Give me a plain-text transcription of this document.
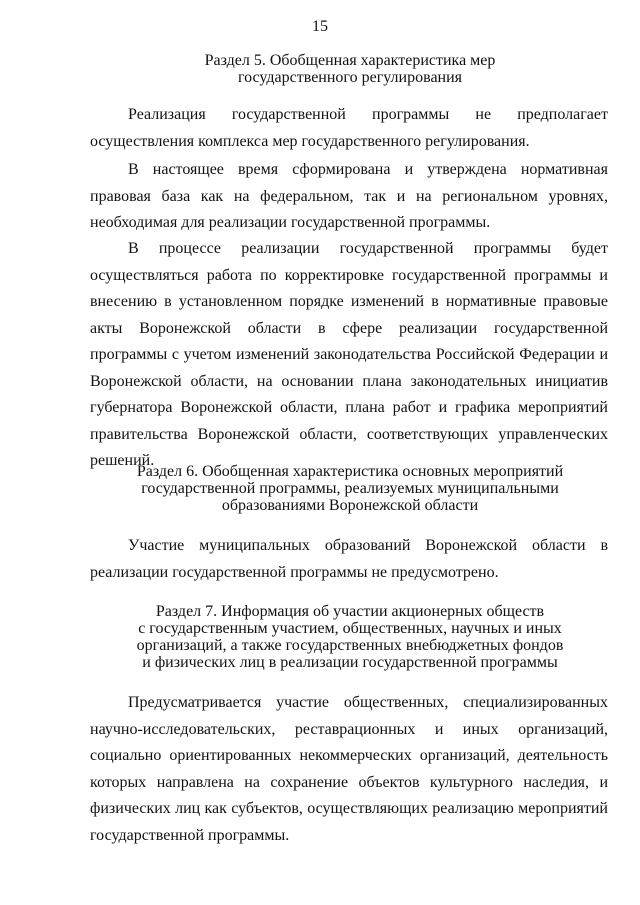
15
Раздел 5. Обобщенная характеристика мер
государственного регулирования

Реализация государственной программы не предполагает осуществления комплекса мер государственного регулирования.

В настоящее время сформирована и утверждена нормативная правовая база как на федеральном, так и на региональном уровнях, необходимая для реализации государственной программы.

В процессе реализации государственной программы будет осуществляться работа по корректировке государственной программы и внесению в установленном порядке изменений в нормативные правовые акты Воронежской области в сфере реализации государственной программы с учетом изменений законодательства Российской Федерации и Воронежской области, на основании плана законодательных инициатив губернатора Воронежской области, плана работ и графика мероприятий правительства Воронежской области, соответствующих управленческих решений.

Раздел 6. Обобщенная характеристика основных мероприятий
государственной программы, реализуемых муниципальными
образованиями Воронежской области

Участие муниципальных образований Воронежской области в реализации государственной программы не предусмотрено.

Раздел 7. Информация об участии акционерных обществ
с государственным участием, общественных, научных и иных
организаций, а также государственных внебюджетных фондов
и физических лиц в реализации государственной программы

Предусматривается участие общественных, специализированных научно-исследовательских, реставрационных и иных организаций, социально ориентированных некоммерческих организаций, деятельность которых направлена на сохранение объектов культурного наследия, и физических лиц как субъектов, осуществляющих реализацию мероприятий государственной программы.
